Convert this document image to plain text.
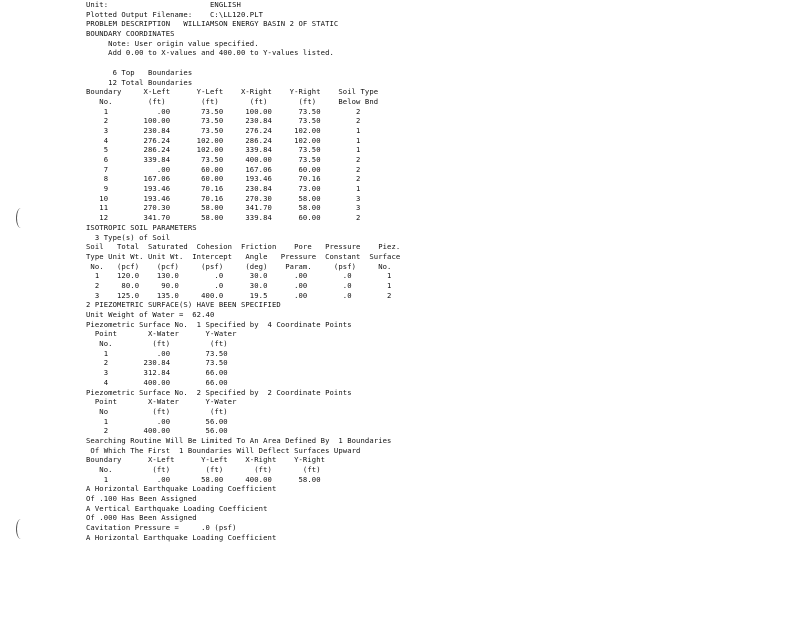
Unit:                       ENGLISH
Plotted Output Filename:    C:\LL120.PLT
PROBLEM DESCRIPTION   WILLIAMSON ENERGY BASIN 2 OF STATIC
BOUNDARY COORDINATES
Note: User origin value specified.
Add 0.00 to X-values and 400.00 to Y-values listed.

6 Top   Boundaries
12 Total Boundaries
Boundary     X-Left      Y-Left    X-Right    Y-Right    Soil Type
No.        (ft)        (ft)       (ft)       (ft)     Below Bnd
1           .00       73.50     100.00      73.50        2
2        100.00       73.50     230.84      73.50        2
3        230.84       73.50     276.24     102.00        1
4        276.24      102.00     286.24     102.00        1
5        286.24      102.00     339.84      73.50        1
6        339.84       73.50     400.00      73.50        2
7           .00       60.00     167.06      60.00        2
8        167.06       60.00     193.46      70.16        2
9        193.46       70.16     230.84      73.00        1
10        193.46       70.16     270.30      58.00        3
11        270.30       58.00     341.70      58.00        3
12        341.70       58.00     339.84      60.00        2
ISOTROPIC SOIL PARAMETERS
3 Type(s) of Soil
Soil   Total  Saturated  Cohesion  Friction    Pore   Pressure    Piez.
Type Unit Wt. Unit Wt.  Intercept   Angle   Pressure  Constant  Surface
No.   (pcf)    (pcf)     (psf)     (deg)    Param.     (psf)     No.
1    120.0    130.0        .0      30.0      .00        .0        1
2     80.0     90.0        .0      30.0      .00        .0        1
3    125.0    135.0     400.0      19.5      .00        .0        2
2 PIEZOMETRIC SURFACE(S) HAVE BEEN SPECIFIED
Unit Weight of Water =  62.40
Piezometric Surface No.  1 Specified by  4 Coordinate Points
Point       X-Water      Y-Water
No.         (ft)         (ft)
1           .00        73.50
2        230.84        73.50
3        312.84        66.00
4        400.00        66.00
Piezometric Surface No.  2 Specified by  2 Coordinate Points
Point       X-Water      Y-Water
No          (ft)         (ft)
1           .00        56.00
2        400.00        56.00
Searching Routine Will Be Limited To An Area Defined By  1 Boundaries
Of Which The First  1 Boundaries Will Deflect Surfaces Upward
Boundary      X-Left      Y-Left    X-Right    Y-Right
No.         (ft)        (ft)       (ft)       (ft)
1           .00       58.00     400.00      58.00
A Horizontal Earthquake Loading Coefficient
Of .100 Has Been Assigned
A Vertical Earthquake Loading Coefficient
Of .000 Has Been Assigned
Cavitation Pressure =     .0 (psf)
A Horizontal Earthquake Loading Coefficient
